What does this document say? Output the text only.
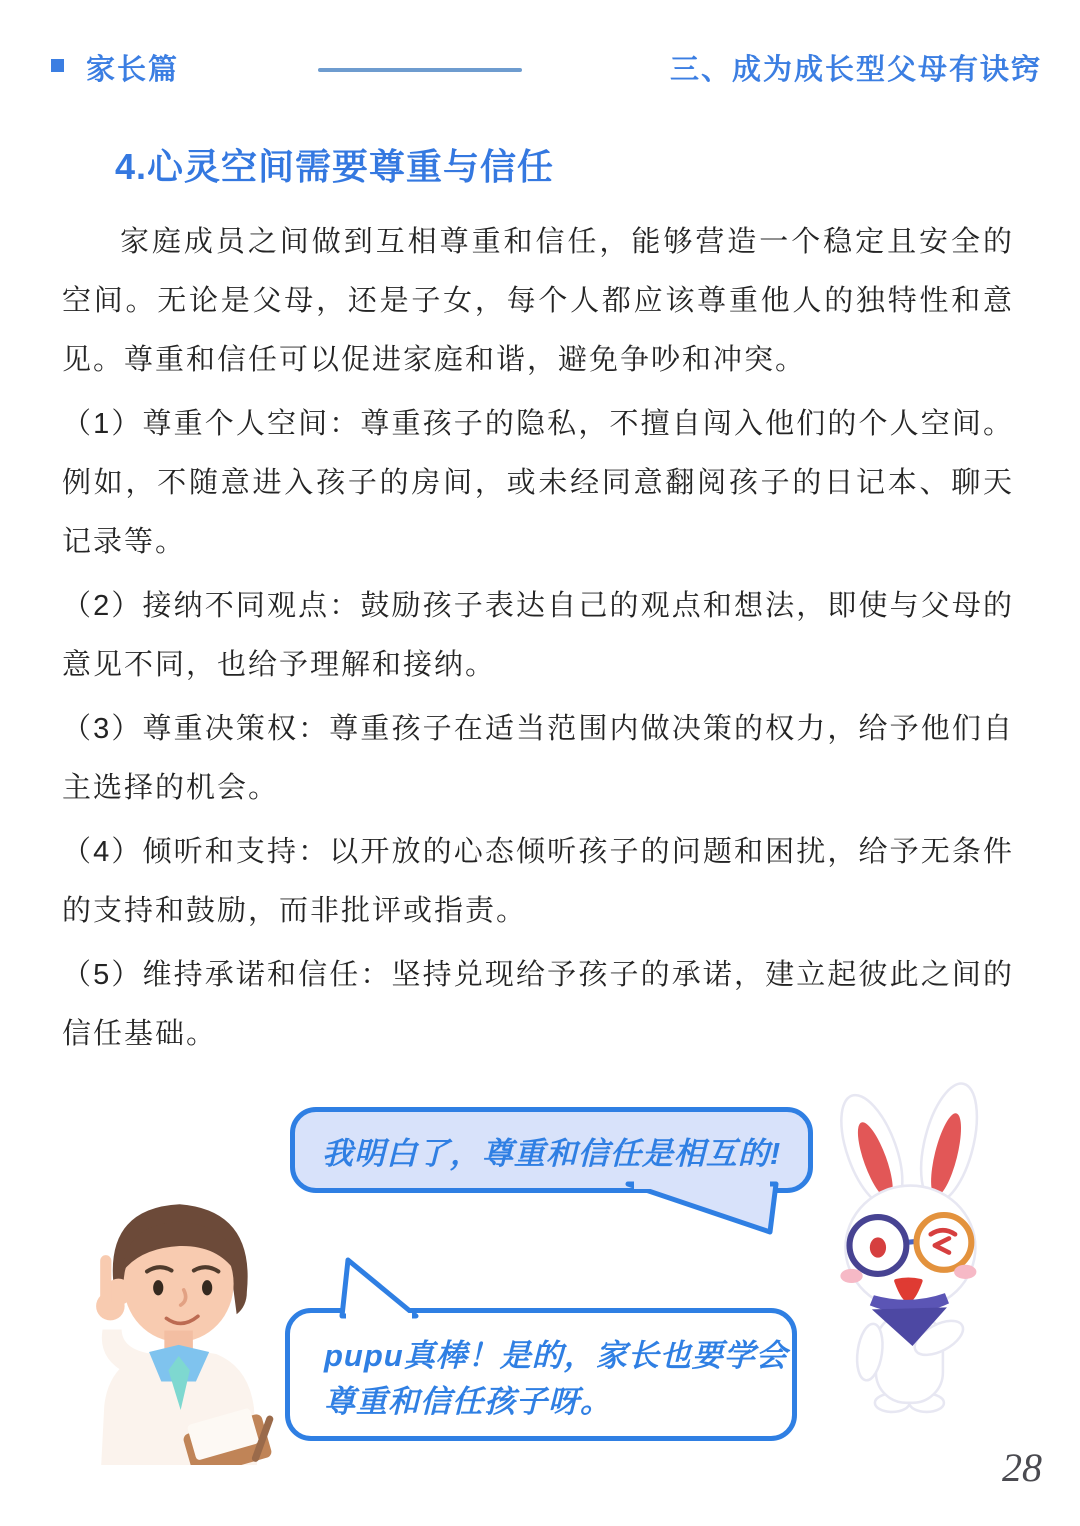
家长篇	三、成为成长型父母有诀窍
4.心灵空间需要尊重与信任

家庭成员之间做到互相尊重和信任，能够营造一个稳定且安全的空间。无论是父母，还是子女，每个人都应该尊重他人的独特性和意见。尊重和信任可以促进家庭和谐，避免争吵和冲突。

（1）尊重个人空间：尊重孩子的隐私，不擅自闯入他们的个人空间。例如，不随意进入孩子的房间，或未经同意翻阅孩子的日记本、聊天记录等。

（2）接纳不同观点：鼓励孩子表达自己的观点和想法，即使与父母的意见不同，也给予理解和接纳。

（3）尊重决策权：尊重孩子在适当范围内做决策的权力，给予他们自主选择的机会。

（4）倾听和支持：以开放的心态倾听孩子的问题和困扰，给予无条件的支持和鼓励，而非批评或指责。

（5）维持承诺和信任：坚持兑现给予孩子的承诺，建立起彼此之间的信任基础。

我明白了，尊重和信任是相互的!
pupu真棒！是的，家长也要学会
尊重和信任孩子呀。
28
